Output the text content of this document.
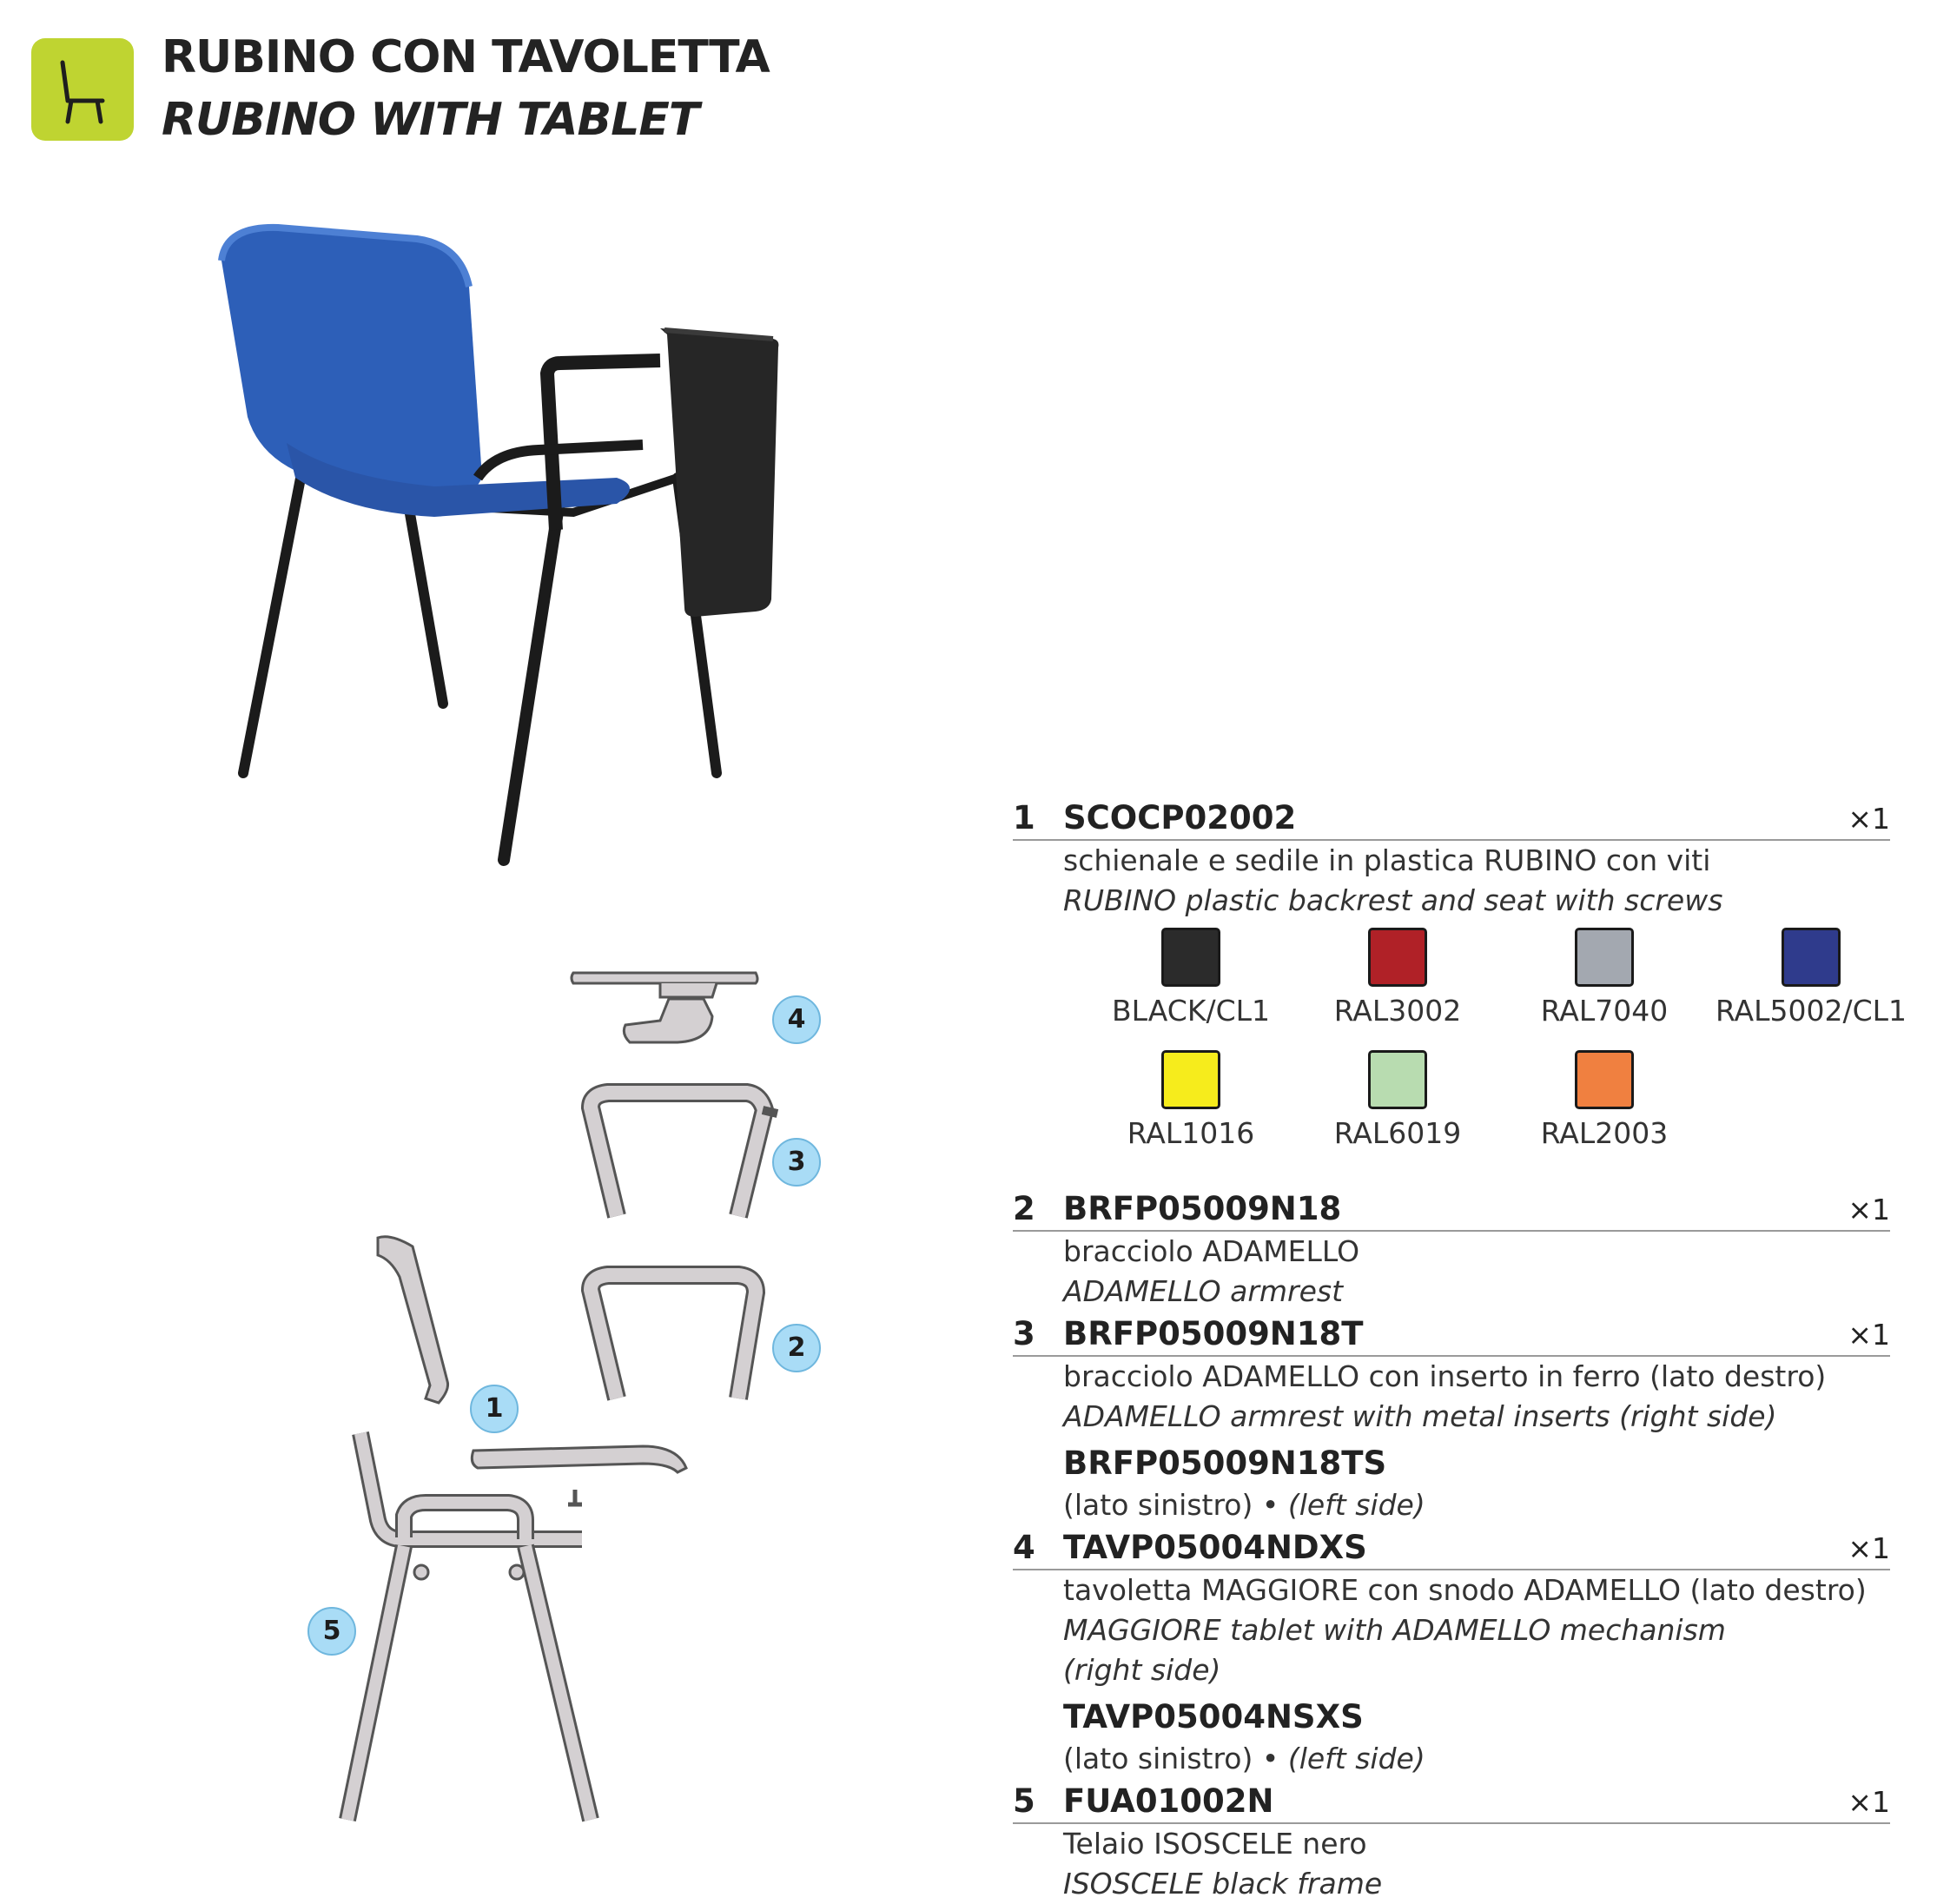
RUBINO CON TAVOLETTA
RUBINO WITH TABLET
4
3
2
1
5
1 SCOCP02002	×1
schienale e sedile in plastica RUBINO con viti
RUBINO plastic backrest and seat with screws
BLACK/CL1 RAL3002	RAL7040 RAL5002/CL1
RAL1016	RAL6019	RAL2003
2 BRFP05009N18	×1
bracciolo ADAMELLO
ADAMELLO armrest
3 BRFP05009N18T	×1
bracciolo ADAMELLO con inserto in ferro (lato destro)
ADAMELLO armrest with metal inserts (right side)
BRFP05009N18TS
(lato sinistro) • (left side)
4 TAVP05004NDXS	×1
tavoletta MAGGIORE con snodo ADAMELLO (lato destro)
MAGGIORE tablet with ADAMELLO mechanism
(right side)
TAVP05004NSXS
(lato sinistro) • (left side)
5 FUA01002N	×1
Telaio ISOSCELE nero
ISOSCELE black frame
